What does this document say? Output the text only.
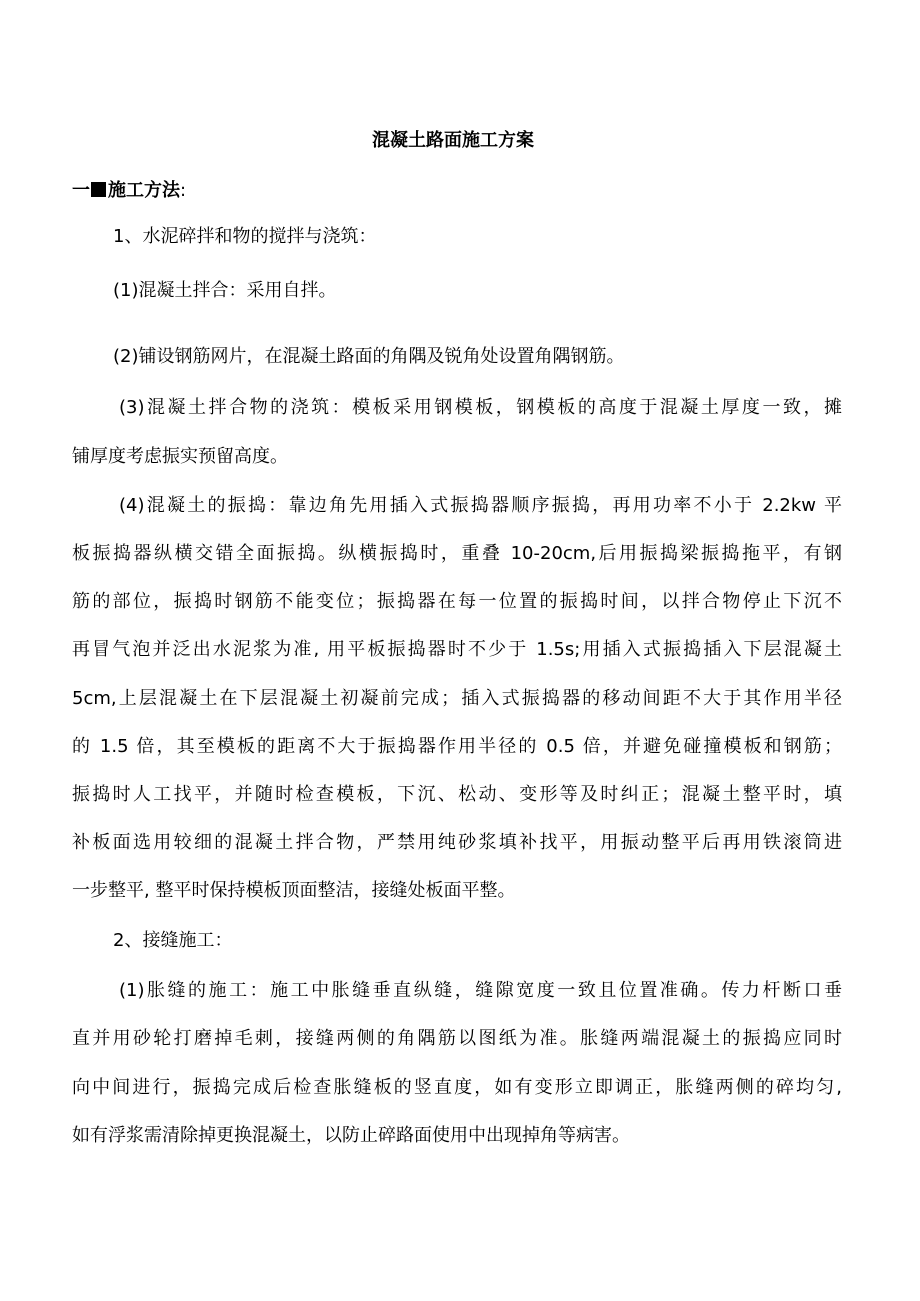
混凝土路面施工方案
一 施工方法:
1、水泥碎拌和物的搅拌与浇筑：
(1)混凝土拌合：采用自拌。
(2)铺设钢筋网片，在混凝土路面的角隅及锐角处设置角隅钢筋。
(3)混凝土拌合物的浇筑：模板采用钢模板，钢模板的高度于混凝土厚度一致，摊
铺厚度考虑振实预留高度。
(4)混凝土的振捣：靠边角先用插入式振捣器顺序振捣，再用功率不小于 2.2kw 平
板振捣器纵横交错全面振捣。纵横振捣时，重叠 10-20cm,后用振捣梁振捣拖平，有钢
筋的部位，振捣时钢筋不能变位；振捣器在每一位置的振捣时间，以拌合物停止下沉不
再冒气泡并泛出水泥浆为准, 用平板振捣器时不少于 1.5s;用插入式振捣插入下层混凝土
5cm,上层混凝土在下层混凝土初凝前完成；插入式振捣器的移动间距不大于其作用半径
的 1.5 倍，其至模板的距离不大于振捣器作用半径的 0.5 倍，并避免碰撞模板和钢筋；
振捣时人工找平，并随时检查模板，下沉、松动、变形等及时纠正；混凝土整平时，填
补板面选用较细的混凝土拌合物，严禁用纯砂浆填补找平，用振动整平后再用铁滚筒进
一步整平, 整平时保持模板顶面整洁，接缝处板面平整。
2、接缝施工：
(1)胀缝的施工：施工中胀缝垂直纵缝，缝隙宽度一致且位置准确。传力杆断口垂
直并用砂轮打磨掉毛刺，接缝两侧的角隅筋以图纸为准。胀缝两端混凝土的振捣应同时
向中间进行，振捣完成后检查胀缝板的竖直度，如有变形立即调正，胀缝两侧的碎均匀,
如有浮浆需清除掉更换混凝土，以防止碎路面使用中出现掉角等病害。
